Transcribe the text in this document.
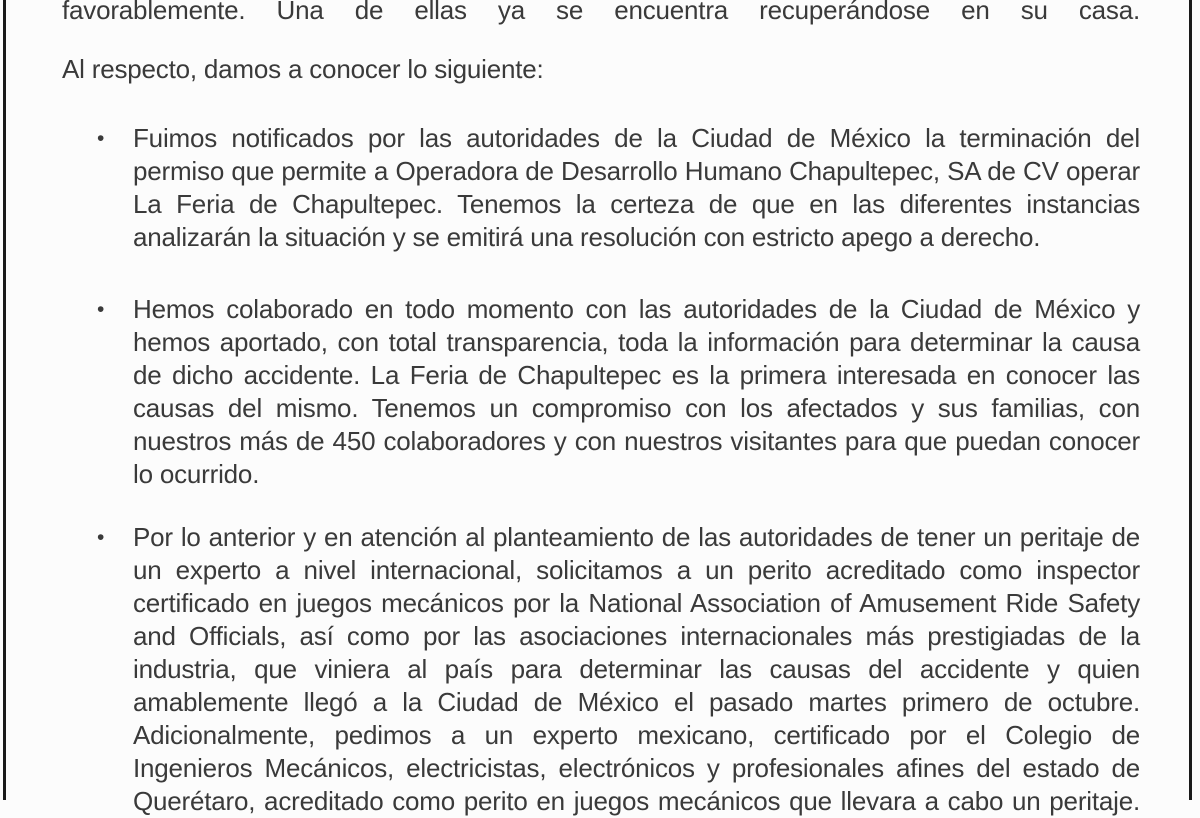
favorablemente. Una de ellas ya se encuentra recuperándose en su casa.

Al respecto, damos a conocer lo siguiente:

• Fuimos notificados por las autoridades de la Ciudad de México la terminación del
permiso que permite a Operadora de Desarrollo Humano Chapultepec, SA de CV operar
La Feria de Chapultepec. Tenemos la certeza de que en las diferentes instancias
analizarán la situación y se emitirá una resolución con estricto apego a derecho.
• Hemos colaborado en todo momento con las autoridades de la Ciudad de México y
hemos aportado, con total transparencia, toda la información para determinar la causa
de dicho accidente. La Feria de Chapultepec es la primera interesada en conocer las
causas del mismo. Tenemos un compromiso con los afectados y sus familias, con
nuestros más de 450 colaboradores y con nuestros visitantes para que puedan conocer
lo ocurrido.
• Por lo anterior y en atención al planteamiento de las autoridades de tener un peritaje de
un experto a nivel internacional, solicitamos a un perito acreditado como inspector
certificado en juegos mecánicos por la National Association of Amusement Ride Safety
and Officials, así como por las asociaciones internacionales más prestigiadas de la
industria, que viniera al país para determinar las causas del accidente y quien
amablemente llegó a la Ciudad de México el pasado martes primero de octubre.
Adicionalmente, pedimos a un experto mexicano, certificado por el Colegio de
Ingenieros Mecánicos, electricistas, electrónicos y profesionales afines del estado de
Querétaro, acreditado como perito en juegos mecánicos que llevara a cabo un peritaje.
